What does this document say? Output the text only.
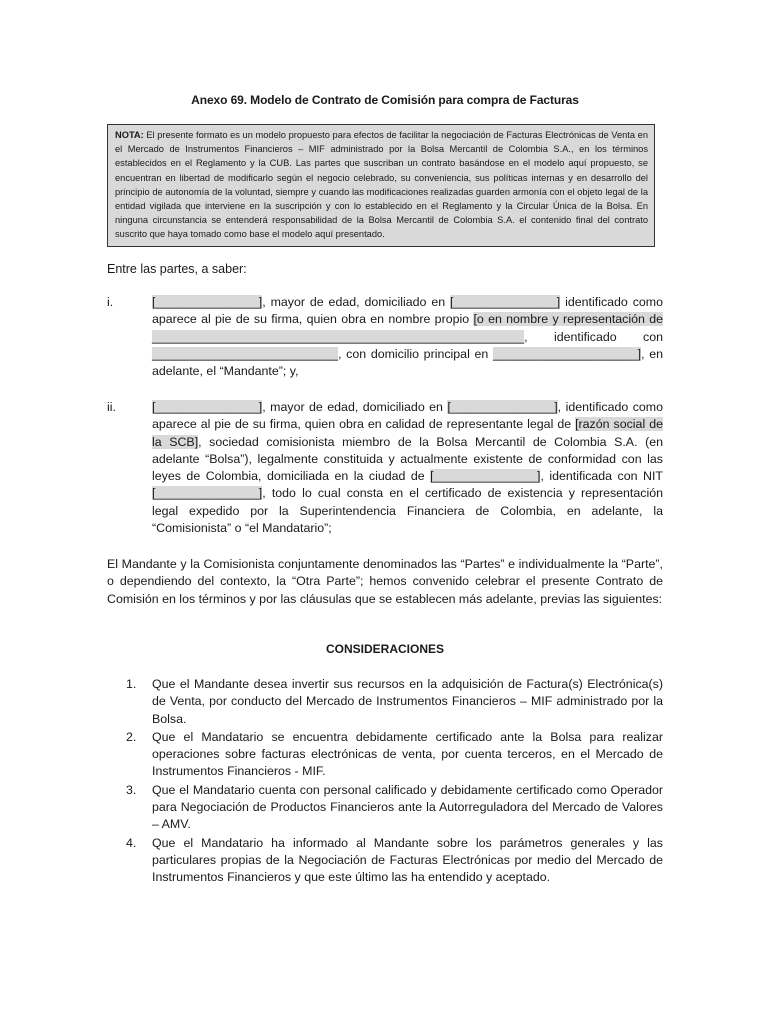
Anexo 69. Modelo de Contrato de Comisión para compra de Facturas
NOTA: El presente formato es un modelo propuesto para efectos de facilitar la negociación de Facturas Electrónicas de Venta en el Mercado de Instrumentos Financieros – MIF administrado por la Bolsa Mercantil de Colombia S.A., en los términos establecidos en el Reglamento y la CUB. Las partes que suscriban un contrato basándose en el modelo aquí propuesto, se encuentran en libertad de modificarlo según el negocio celebrado, su conveniencia, sus políticas internas y en desarrollo del principio de autonomía de la voluntad, siempre y cuando las modificaciones realizadas guarden armonía con el objeto legal de la entidad vigilada que interviene en la suscripción y con lo establecido en el Reglamento y la Circular Única de la Bolsa. En ninguna circunstancia se entenderá responsabilidad de la Bolsa Mercantil de Colombia S.A. el contenido final del contrato suscrito que haya tomado como base el modelo aquí presentado.
Entre las partes, a saber:
i.	[_______________], mayor de edad, domiciliado en [_______________] identificado como aparece al pie de su firma, quien obra en nombre propio [o en nombre y representación de ______________________________________________________, identificado con ___________________________, con domicilio principal en _____________________], en adelante, el “Mandante”; y,
ii.	[_______________], mayor de edad, domiciliado en [_______________], identificado como aparece al pie de su firma, quien obra en calidad de representante legal de [razón social de la SCB], sociedad comisionista miembro de la Bolsa Mercantil de Colombia S.A. (en adelante “Bolsa”), legalmente constituida y actualmente existente de conformidad con las leyes de Colombia, domiciliada en la ciudad de [_______________], identificada con NIT [_______________], todo lo cual consta en el certificado de existencia y representación legal expedido por la Superintendencia Financiera de Colombia, en adelante, la “Comisionista” o “el Mandatario”;
El Mandante y la Comisionista conjuntamente denominados las “Partes” e individualmente la “Parte”, o dependiendo del contexto, la “Otra Parte”; hemos convenido celebrar el presente Contrato de Comisión en los términos y por las cláusulas que se establecen más adelante, previas las siguientes:
CONSIDERACIONES
1. Que el Mandante desea invertir sus recursos en la adquisición de Factura(s) Electrónica(s) de Venta, por conducto del Mercado de Instrumentos Financieros – MIF administrado por la Bolsa.
2. Que el Mandatario se encuentra debidamente certificado ante la Bolsa para realizar operaciones sobre facturas electrónicas de venta, por cuenta terceros, en el Mercado de Instrumentos Financieros - MIF.
3. Que el Mandatario cuenta con personal calificado y debidamente certificado como Operador para Negociación de Productos Financieros ante la Autorreguladora del Mercado de Valores – AMV.
4. Que el Mandatario ha informado al Mandante sobre los parámetros generales y las particulares propias de la Negociación de Facturas Electrónicas por medio del Mercado de Instrumentos Financieros y que este último las ha entendido y aceptado.
